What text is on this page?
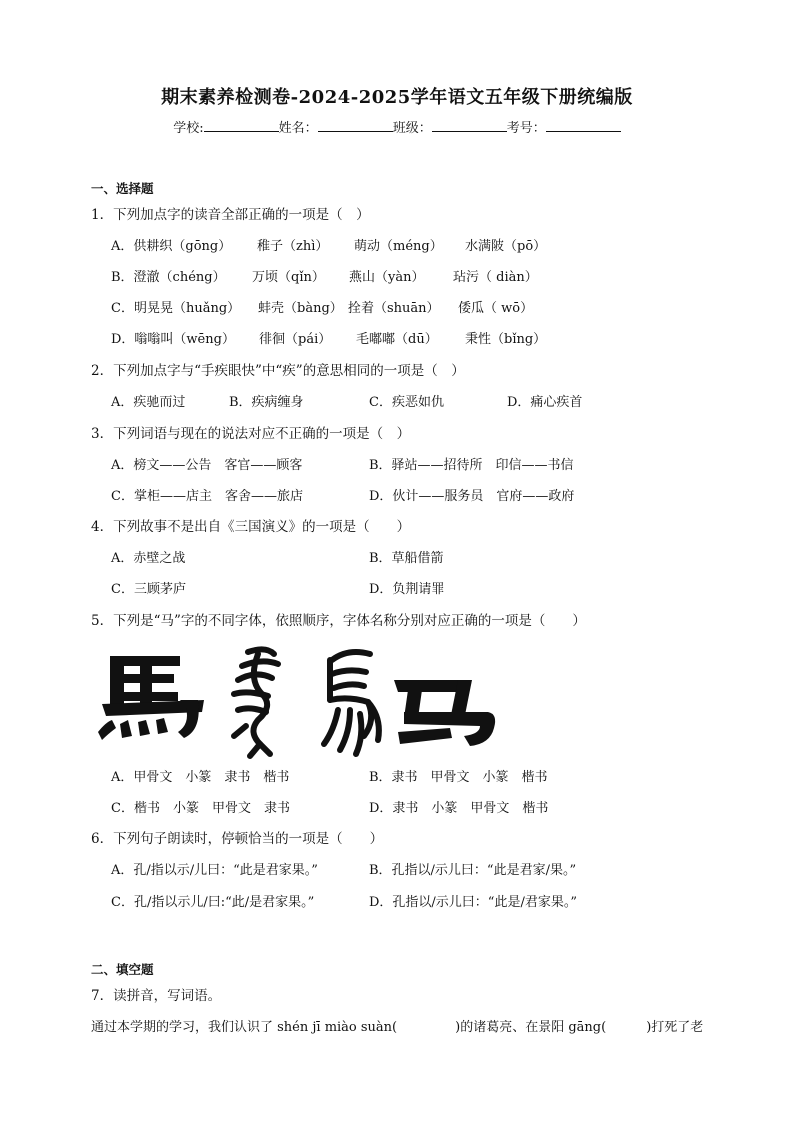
期末素养检测卷-2024-2025学年语文五年级下册统编版
学校:	姓名：	班级：	考号：
一、选择题
1．下列加点字的读音全部正确的一项是（　）
A．供耕织（gōng） 稚子（zhì） 萌动（méng） 水满陂（pō）
B．澄澈（chéng） 万顷（qǐn） 燕山（yàn） 玷污（ diàn）
C．明晃晃（huǎng） 蚌壳（bàng） 拴着（shuān） 倭瓜（ wō）
D．嗡嗡叫（wēng） 徘徊（pái） 毛嘟嘟（dū） 秉性（bǐng）
2．下列加点字与“手疾眼快”中“疾”的意思相同的一项是（　）
A．疾驰而过	B．疾病缠身	C．疾恶如仇	D．痛心疾首
3．下列词语与现在的说法对应不正确的一项是（　）
A．榜文——公告　客官——顾客	B．驿站——招待所　印信——书信
C．掌柜——店主　客舍——旅店	D．伙计——服务员　官府——政府
4．下列故事不是出自《三国演义》的一项是（　　）
A．赤壁之战	B．草船借箭
C．三顾茅庐	D．负荆请罪
5．下列是“马”字的不同字体，依照顺序，字体名称分别对应正确的一项是（　　）
A．甲骨文　小篆　隶书　楷书	B．隶书　甲骨文　小篆　楷书
C．楷书　小篆　甲骨文　隶书	D．隶书　小篆　甲骨文　楷书
6．下列句子朗读时，停顿恰当的一项是（　　）
A．孔/指以示/儿曰：“此是君家果。”	B．孔指以/示儿曰：“此是君家/果。”
C．孔/指以示儿/曰:“此/是君家果。”	D．孔指以/示儿曰：“此是/君家果。”
二、填空题
7．读拼音，写词语。
通过本学期的学习，我们认识了 shén jī miào suàn(	)的诸葛亮、在景阳 gāng(	)打死了老
